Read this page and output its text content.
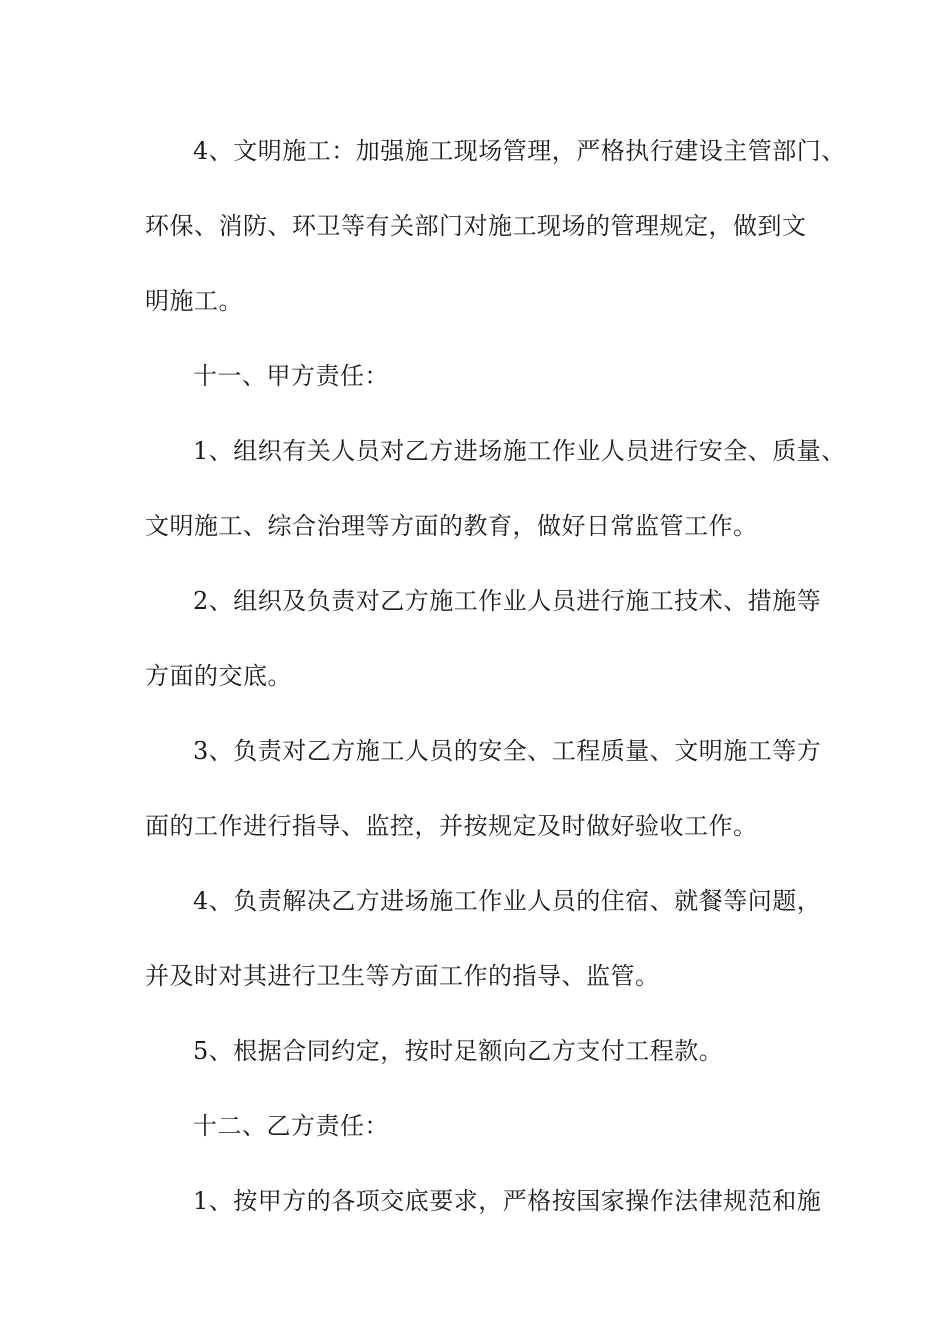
4、文明施工：加强施工现场管理，严格执行建设主管部门、
环保、消防、环卫等有关部门对施工现场的管理规定，做到文
明施工。
十一、甲方责任：
1、组织有关人员对乙方进场施工作业人员进行安全、质量、
文明施工、综合治理等方面的教育，做好日常监管工作。
2、组织及负责对乙方施工作业人员进行施工技术、措施等
方面的交底。
3、负责对乙方施工人员的安全、工程质量、文明施工等方
面的工作进行指导、监控，并按规定及时做好验收工作。
4、负责解决乙方进场施工作业人员的住宿、就餐等问题，
并及时对其进行卫生等方面工作的指导、监管。
5、根据合同约定，按时足额向乙方支付工程款。
十二、乙方责任：
1、按甲方的各项交底要求，严格按国家操作法律规范和施
